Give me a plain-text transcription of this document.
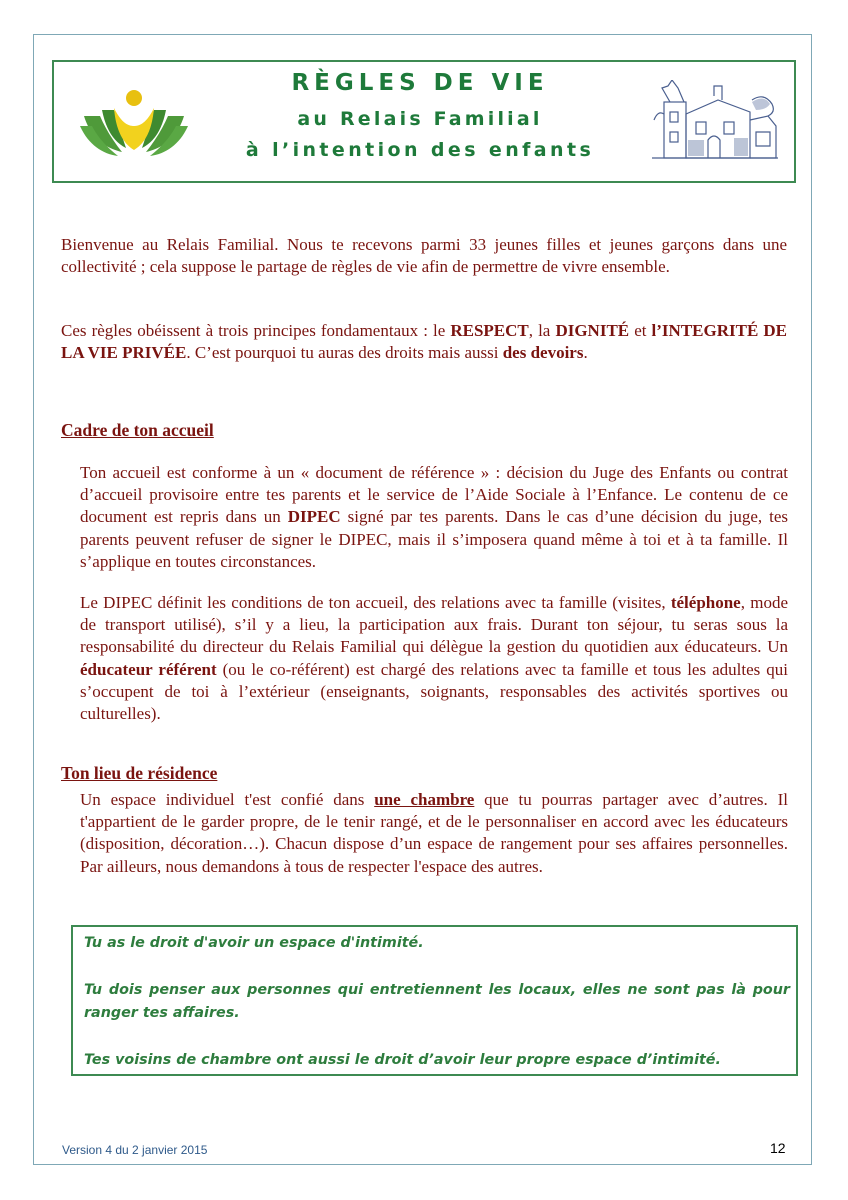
RÈGLES DE VIE

au Relais Familial

à l’intention des enfants

Bienvenue au Relais Familial. Nous te recevons parmi 33 jeunes filles et jeunes garçons dans une collectivité ; cela suppose le partage de règles de vie afin de permettre de vivre ensemble.

Ces règles obéissent à trois principes fondamentaux : le RESPECT, la DIGNITÉ et l’INTEGRITÉ DE LA VIE PRIVÉE. C’est pourquoi tu auras des droits mais aussi des devoirs.

Cadre de ton accueil

Ton accueil est conforme à un « document de référence » : décision du Juge des Enfants ou contrat d’accueil provisoire entre tes parents et le service de l’Aide Sociale à l’Enfance. Le contenu de ce document est repris dans un DIPEC signé par tes parents. Dans le cas d’une décision du juge, tes parents peuvent refuser de signer le DIPEC, mais il s’imposera quand même à toi et à ta famille. Il s’applique en toutes circonstances.

Le DIPEC définit les conditions de ton accueil, des relations avec ta famille (visites, téléphone, mode de transport utilisé), s’il y a lieu, la participation aux frais. Durant ton séjour, tu seras sous la responsabilité du directeur du Relais Familial qui délègue la gestion du quotidien aux éducateurs. Un éducateur référent (ou le co-référent) est chargé des relations avec ta famille et tous les adultes qui s’occupent de toi à l’extérieur (enseignants, soignants, responsables des activités sportives ou culturelles).

Ton lieu de résidence

Un espace individuel t'est confié dans une chambre que tu pourras partager avec d’autres. Il t'appartient de le garder propre, de le tenir rangé, et de le personnaliser en accord avec les éducateurs (disposition, décoration…). Chacun dispose d’un espace de rangement pour ses affaires personnelles. Par ailleurs, nous demandons à tous de respecter l'espace des autres.

Tu as le droit d'avoir un espace d'intimité.

Tu dois penser aux personnes qui entretiennent les locaux, elles ne sont pas là pour ranger tes affaires.

Tes voisins de chambre ont aussi le droit d’avoir leur propre espace d’intimité.

Version 4 du 2 janvier 2015	12
